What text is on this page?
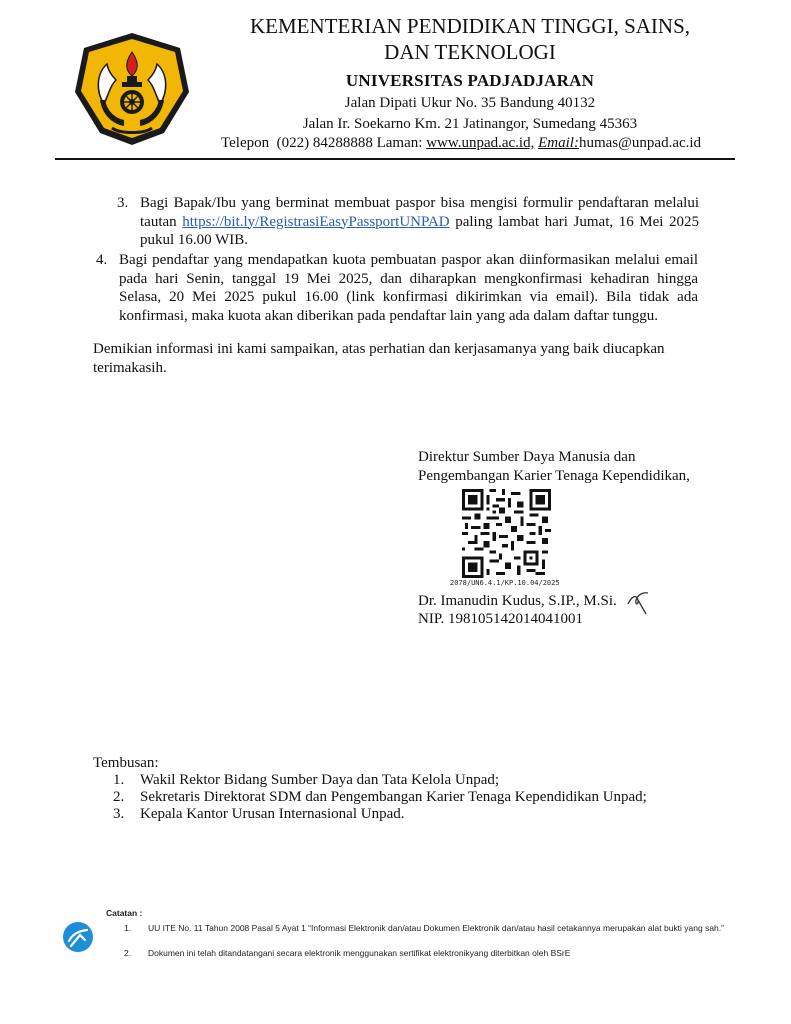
KEMENTERIAN PENDIDIKAN TINGGI, SAINS,
DAN TEKNOLOGI
UNIVERSITAS PADJADJARAN
Jalan Dipati Ukur No. 35 Bandung 40132
Jalan Ir. Soekarno Km. 21 Jatinangor, Sumedang 45363
Telepon (022) 84288888 Laman: www.unpad.ac.id, Email:humas@unpad.ac.id
3. Bagi Bapak/Ibu yang berminat membuat paspor bisa mengisi formulir pendaftaran melalui tautan https://bit.ly/RegistrasiEasyPassportUNPAD paling lambat hari Jumat, 16 Mei 2025 pukul 16.00 WIB.
4. Bagi pendaftar yang mendapatkan kuota pembuatan paspor akan diinformasikan melalui email pada hari Senin, tanggal 19 Mei 2025, dan diharapkan mengkonfirmasi kehadiran hingga Selasa, 20 Mei 2025 pukul 16.00 (link konfirmasi dikirimkan via email). Bila tidak ada konfirmasi, maka kuota akan diberikan pada pendaftar lain yang ada dalam daftar tunggu.
Demikian informasi ini kami sampaikan, atas perhatian dan kerjasamanya yang baik diucapkan terimakasih.
Direktur Sumber Daya Manusia dan
Pengembangan Karier Tenaga Kependidikan,
2078/UN6.4.1/KP.10.04/2025
Dr. Imanudin Kudus, S.IP., M.Si.
NIP. 198105142014041001
Tembusan:
1. Wakil Rektor Bidang Sumber Daya dan Tata Kelola Unpad;
2. Sekretaris Direktorat SDM dan Pengembangan Karier Tenaga Kependidikan Unpad;
3. Kepala Kantor Urusan Internasional Unpad.
Catatan :
1. UU ITE No. 11 Tahun 2008 Pasal 5 Ayat 1 “Informasi Elektronik dan/atau Dokumen Elektronik dan/atau hasil cetakannya merupakan alat bukti yang sah.”
2. Dokumen ini telah ditandatangani secara elektronik menggunakan sertifikat elektronikyang diterbitkan oleh BSrE
